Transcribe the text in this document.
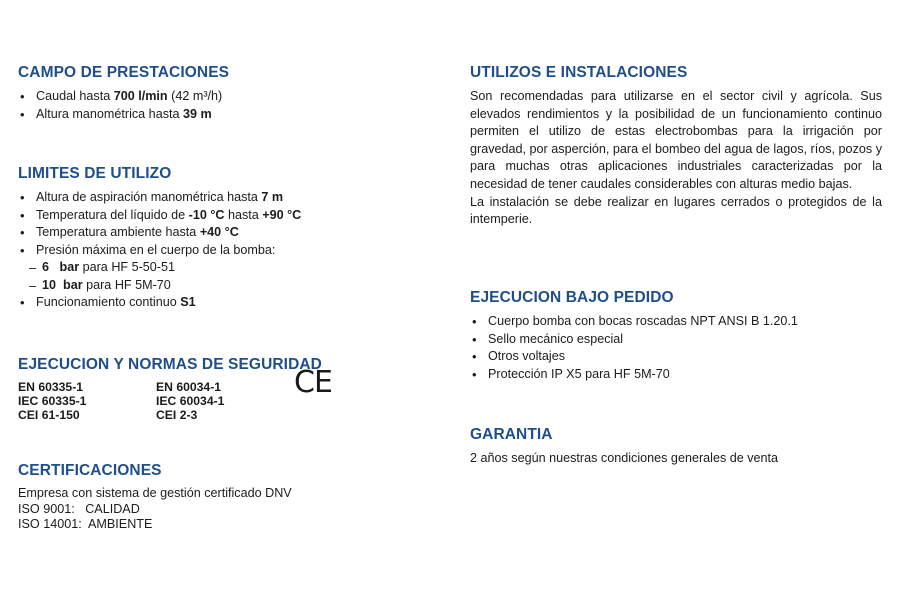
CAMPO DE PRESTACIONES
• Caudal hasta 700 l/min (42 m³/h)
• Altura manométrica hasta 39 m
LIMITES DE UTILIZO
• Altura de aspiración manométrica hasta 7 m
• Temperatura del líquido de -10 °C hasta +90 °C
• Temperatura ambiente hasta +40 °C
• Presión máxima en el cuerpo de la bomba:
– 6   bar para HF 5-50-51
– 10  bar para HF 5M-70
• Funcionamiento continuo S1
EJECUCION Y NORMAS DE SEGURIDAD
EN 60335-1
IEC 60335-1
CEI 61-150
EN 60034-1
IEC 60034-1
CEI 2-3
CE
CERTIFICACIONES
Empresa con sistema de gestión certificado DNV
ISO 9001:   CALIDAD
ISO 14001:  AMBIENTE
UTILIZOS E INSTALACIONES

Son recomendadas para utilizarse en el sector civil y agrícola. Sus elevados rendimientos y la posibilidad de un funcionamiento continuo permiten el utilizo de estas electrobombas para la irrigación por gravedad, por asperción, para el bombeo del agua de lagos, ríos, pozos y para muchas otras aplicaciones industriales caracterizadas por la necesidad de tener caudales considerables con alturas medio bajas.

La instalación se debe realizar en lugares cerrados o protegidos de la intemperie.

EJECUCION BAJO PEDIDO
• Cuerpo bomba con bocas roscadas NPT ANSI B 1.20.1
• Sello mecánico especial
• Otros voltajes
• Protección IP X5 para HF 5M-70
GARANTIA

2 años según nuestras condiciones generales de venta
